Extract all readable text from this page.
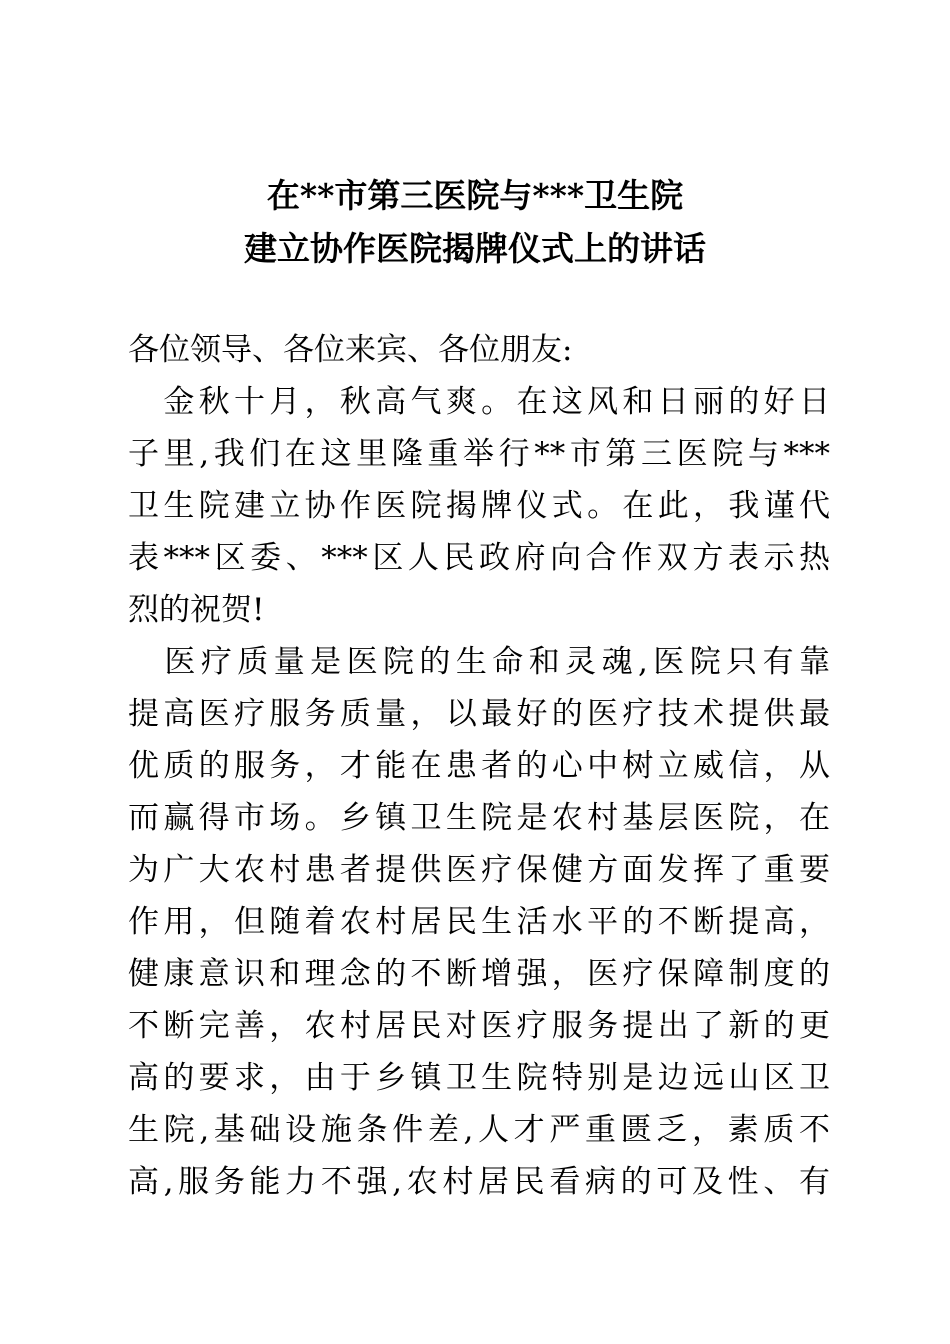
在**市第三医院与***卫生院
建立协作医院揭牌仪式上的讲话
各位领导、各位来宾、各位朋友:
　金秋十月，秋高气爽。在这风和日丽的好日
子里,我们在这里隆重举行**市第三医院与***
卫生院建立协作医院揭牌仪式。在此，我谨代
表***区委、***区人民政府向合作双方表示热
烈的祝贺!
　医疗质量是医院的生命和灵魂,医院只有靠
提高医疗服务质量，以最好的医疗技术提供最
优质的服务，才能在患者的心中树立威信，从
而赢得市场。乡镇卫生院是农村基层医院，在
为广大农村患者提供医疗保健方面发挥了重要
作用，但随着农村居民生活水平的不断提高，
健康意识和理念的不断增强，医疗保障制度的
不断完善，农村居民对医疗服务提出了新的更
高的要求，由于乡镇卫生院特别是边远山区卫
生院,基础设施条件差,人才严重匮乏，素质不
高,服务能力不强,农村居民看病的可及性、有
